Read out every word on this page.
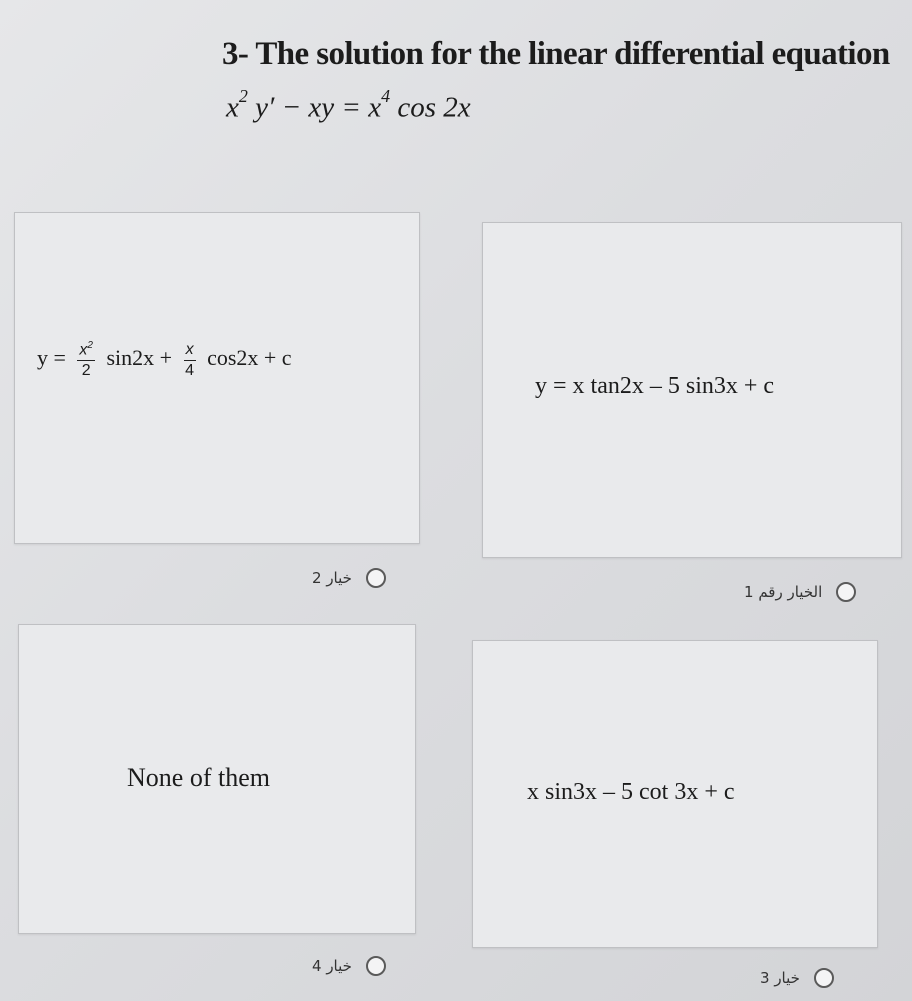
3- The solution for the linear differential equation
$x^2$ y′ − xy = $x^4$ cos 2x
$y = \frac{x^2}{2} \sin 2x + \frac{x}{4} \cos 2x + c$
y = x tan2x – 5 sin3x + c
خيار 2
الخيار رقم 1
None of them	x sin3x – 5 cot 3x + c
خيار 4
خيار 3
